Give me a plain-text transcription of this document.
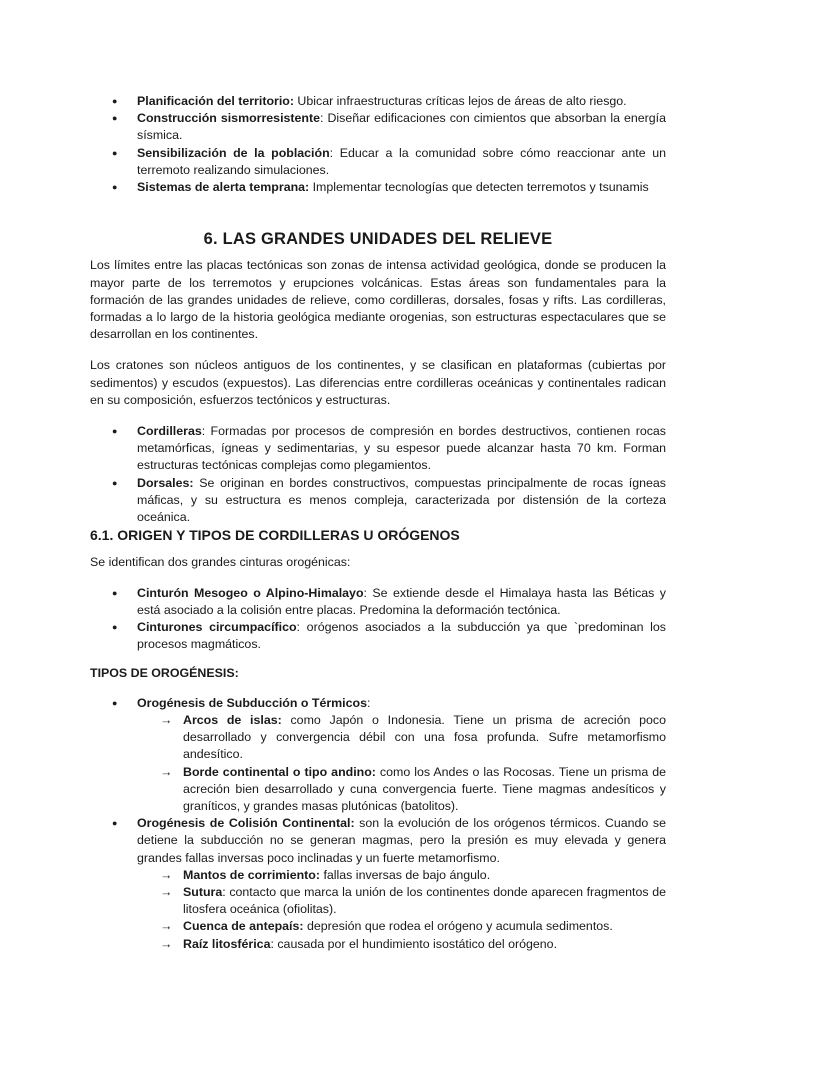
● Planificación del territorio: Ubicar infraestructuras críticas lejos de áreas de alto riesgo.
● Construcción sismorresistente: Diseñar edificaciones con cimientos que absorban la energía sísmica.
● Sensibilización de la población: Educar a la comunidad sobre cómo reaccionar ante un terremoto realizando simulaciones.
● Sistemas de alerta temprana: Implementar tecnologías que detecten terremotos y tsunamis
6. LAS GRANDES UNIDADES DEL RELIEVE

Los límites entre las placas tectónicas son zonas de intensa actividad geológica, donde se producen la mayor parte de los terremotos y erupciones volcánicas. Estas áreas son fundamentales para la formación de las grandes unidades de relieve, como cordilleras, dorsales, fosas y rifts. Las cordilleras, formadas a lo largo de la historia geológica mediante orogenias, son estructuras espectaculares que se desarrollan en los continentes.

Los cratones son núcleos antiguos de los continentes, y se clasifican en plataformas (cubiertas por sedimentos) y escudos (expuestos). Las diferencias entre cordilleras oceánicas y continentales radican en su composición, esfuerzos tectónicos y estructuras.

● Cordilleras: Formadas por procesos de compresión en bordes destructivos, contienen rocas metamórficas, ígneas y sedimentarias, y su espesor puede alcanzar hasta 70 km. Forman estructuras tectónicas complejas como plegamientos.
● Dorsales: Se originan en bordes constructivos, compuestas principalmente de rocas ígneas máficas, y su estructura es menos compleja, caracterizada por distensión de la corteza oceánica.
6.1. ORIGEN Y TIPOS DE CORDILLERAS U ORÓGENOS

Se identifican dos grandes cinturas orogénicas:

● Cinturón Mesogeo o Alpino-Himalayo: Se extiende desde el Himalaya hasta las Béticas y está asociado a la colisión entre placas. Predomina la deformación tectónica.
● Cinturones circumpacífico: orógenos asociados a la subducción ya que `predominan los procesos magmáticos.

TIPOS DE OROGÉNESIS:

● Orogénesis de Subducción o Térmicos:
→ Arcos de islas: como Japón o Indonesia. Tiene un prisma de acreción poco desarrollado y convergencia débil con una fosa profunda. Sufre metamorfismo andesítico.
→ Borde continental o tipo andino: como los Andes o las Rocosas. Tiene un prisma de acreción bien desarrollado y cuna convergencia fuerte. Tiene magmas andesíticos y graníticos, y grandes masas plutónicas (batolitos).
● Orogénesis de Colisión Continental: son la evolución de los orógenos térmicos. Cuando se detiene la subducción no se generan magmas, pero la presión es muy elevada y genera grandes fallas inversas poco inclinadas y un fuerte metamorfismo.
→ Mantos de corrimiento: fallas inversas de bajo ángulo.
→ Sutura: contacto que marca la unión de los continentes donde aparecen fragmentos de litosfera oceánica (ofiolitas).
→ Cuenca de antepaís: depresión que rodea el orógeno y acumula sedimentos.
→ Raíz litosférica: causada por el hundimiento isostático del orógeno.
